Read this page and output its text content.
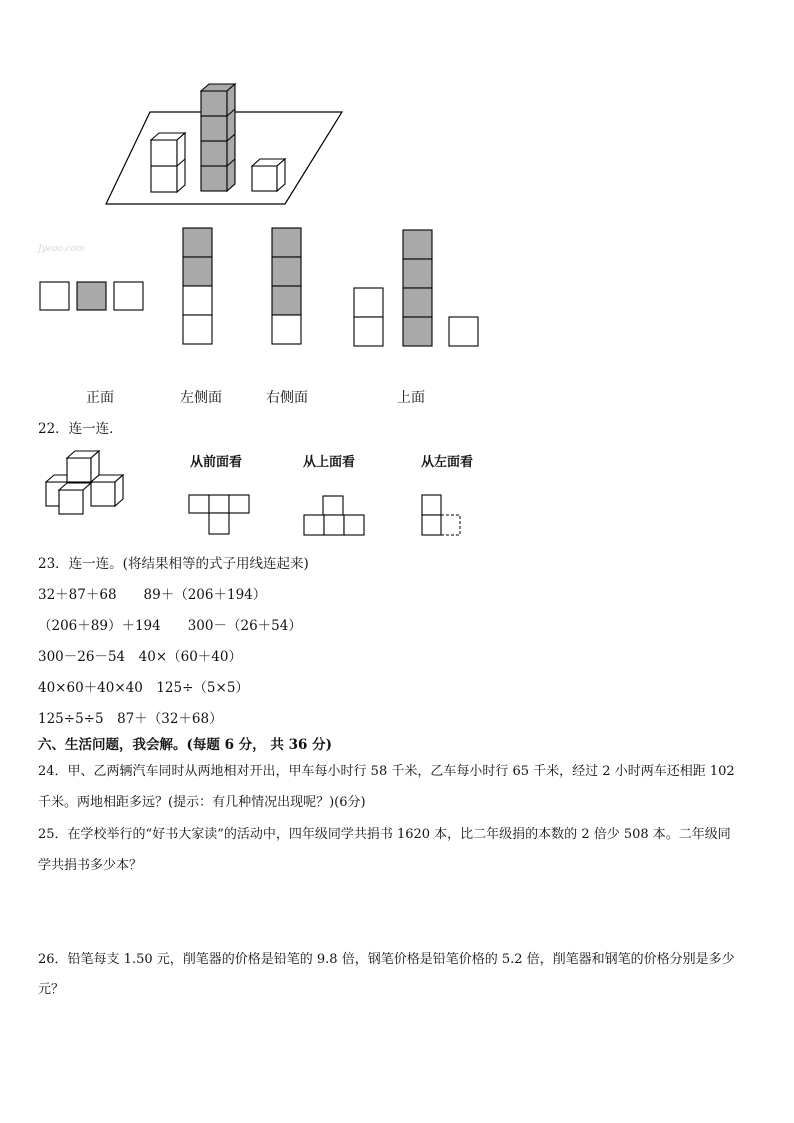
Jyeoo.com
正面	左侧面	右侧面	上面
22．连一连．
从前面看	从上面看	从左面看
23．连一连。(将结果相等的式子用线连起来)
32＋87＋68　　89＋（206＋194）
（206＋89）＋194　　300－（26＋54）
300－26－54　40×（60＋40）
40×60＋40×40　125÷（5×5）
125÷5÷5　87＋（32＋68）
六、生活问题，我会解。(每题 6 分， 共 36 分)
24．甲、乙两辆汽车同时从两地相对开出，甲车每小时行 58 千米，乙车每小时行 65 千米，经过 2 小时两车还相距 102
千米。两地相距多远？(提示：有几种情况出现呢？)(6分)
25．在学校举行的“好书大家读”的活动中，四年级同学共捐书 1620 本，比二年级捐的本数的 2 倍少 508 本。二年级同
学共捐书多少本？
26．铅笔每支 1.50 元，削笔器的价格是铅笔的 9.8 倍，钢笔价格是铅笔价格的 5.2 倍，削笔器和钢笔的价格分别是多少
元？
